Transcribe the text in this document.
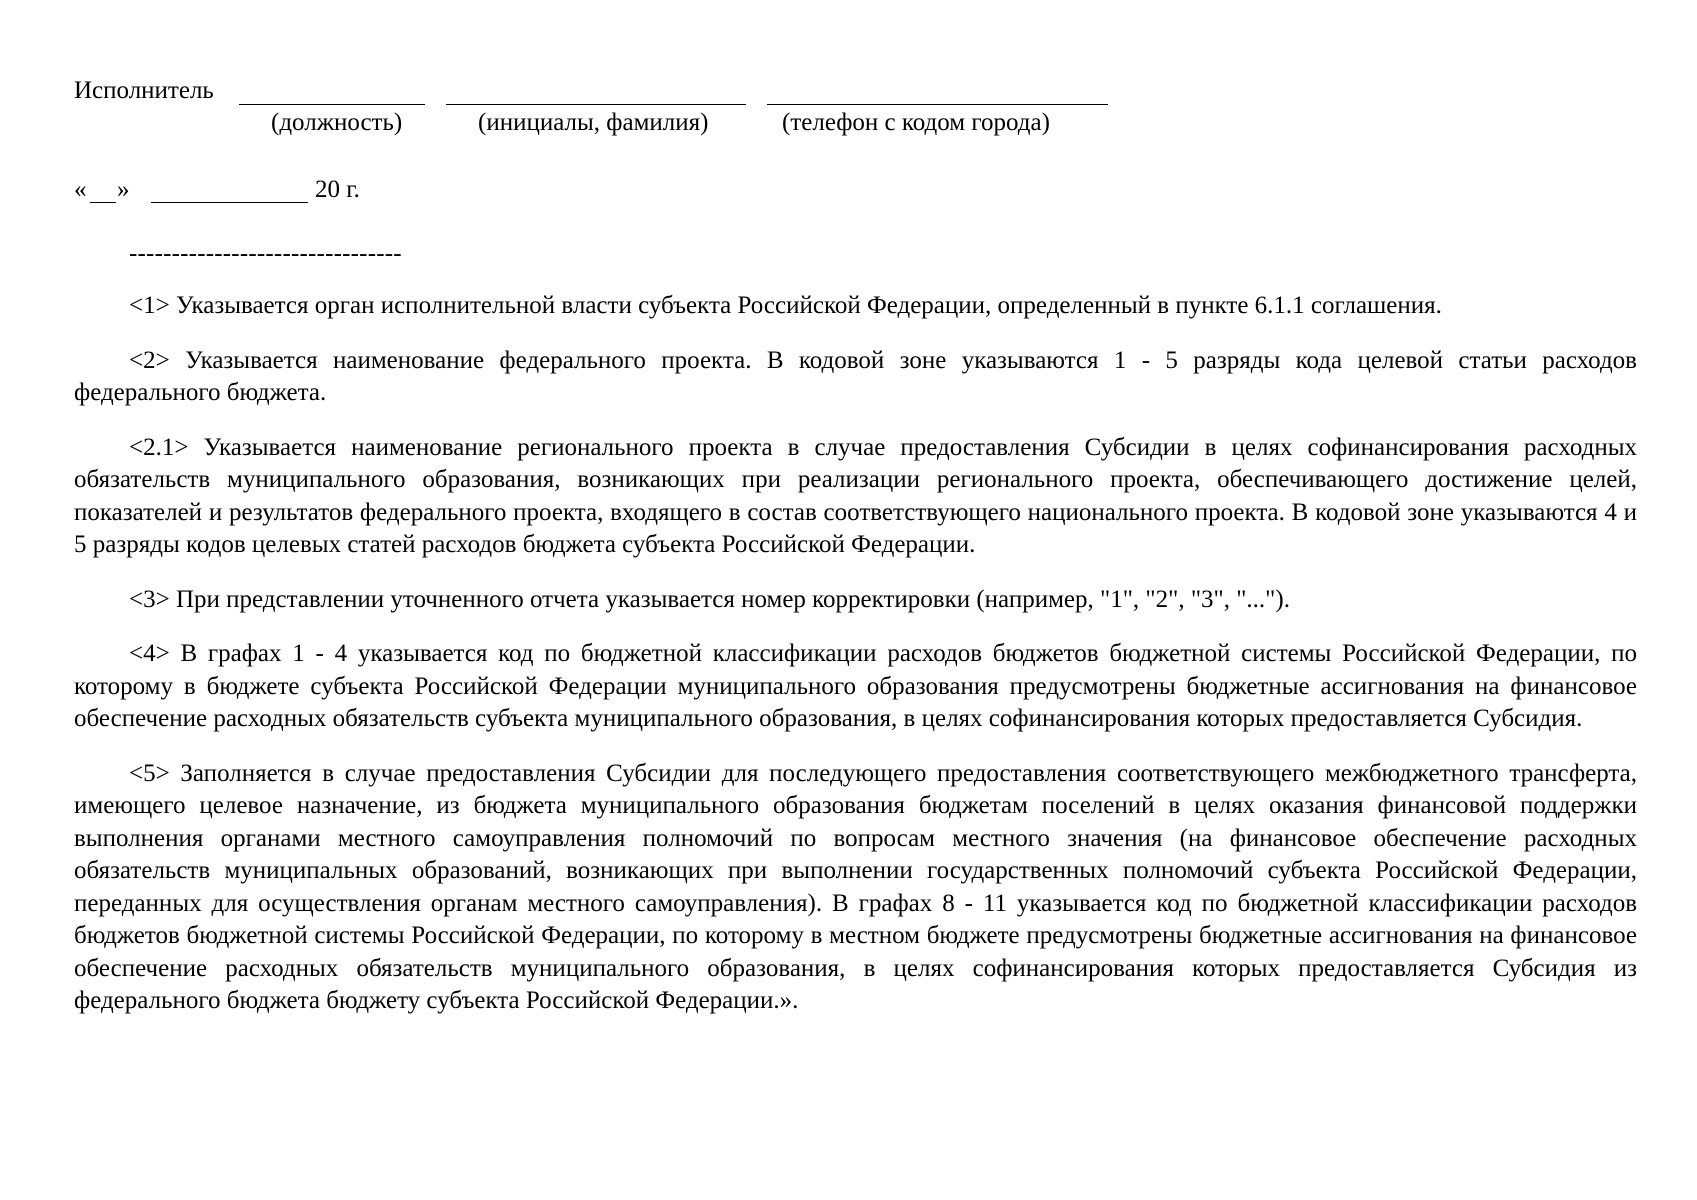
Исполнитель
(должность)	(инициалы, фамилия)	(телефон с кодом города)
« »	20 г.
--------------------------------

<1> Указывается орган исполнительной власти субъекта Российской Федерации, определенный в пункте 6.1.1 соглашения.

<2> Указывается наименование федерального проекта. В кодовой зоне указываются 1 - 5 разряды кода целевой статьи расходов федерального бюджета.

<2.1> Указывается наименование регионального проекта в случае предоставления Субсидии в целях софинансирования расходных обязательств муниципального образования, возникающих при реализации регионального проекта, обеспечивающего достижение целей, показателей и результатов федерального проекта, входящего в состав соответствующего национального проекта. В кодовой зоне указываются 4 и 5 разряды кодов целевых статей расходов бюджета субъекта Российской Федерации.

<3> При представлении уточненного отчета указывается номер корректировки (например, "1", "2", "3", "...").

<4> В графах 1 - 4 указывается код по бюджетной классификации расходов бюджетов бюджетной системы Российской Федерации, по которому в бюджете субъекта Российской Федерации муниципального образования предусмотрены бюджетные ассигнования на финансовое обеспечение расходных обязательств субъекта муниципального образования, в целях софинансирования которых предоставляется Субсидия.

<5> Заполняется в случае предоставления Субсидии для последующего предоставления соответствующего межбюджетного трансферта, имеющего целевое назначение, из бюджета муниципального образования бюджетам поселений в целях оказания финансовой поддержки выполнения органами местного самоуправления полномочий по вопросам местного значения (на финансовое обеспечение расходных обязательств муниципальных образований, возникающих при выполнении государственных полномочий субъекта Российской Федерации, переданных для осуществления органам местного самоуправления). В графах 8 - 11 указывается код по бюджетной классификации расходов бюджетов бюджетной системы Российской Федерации, по которому в местном бюджете предусмотрены бюджетные ассигнования на финансовое обеспечение расходных обязательств муниципального образования, в целях софинансирования которых предоставляется Субсидия из федерального бюджета бюджету субъекта Российской Федерации.».
